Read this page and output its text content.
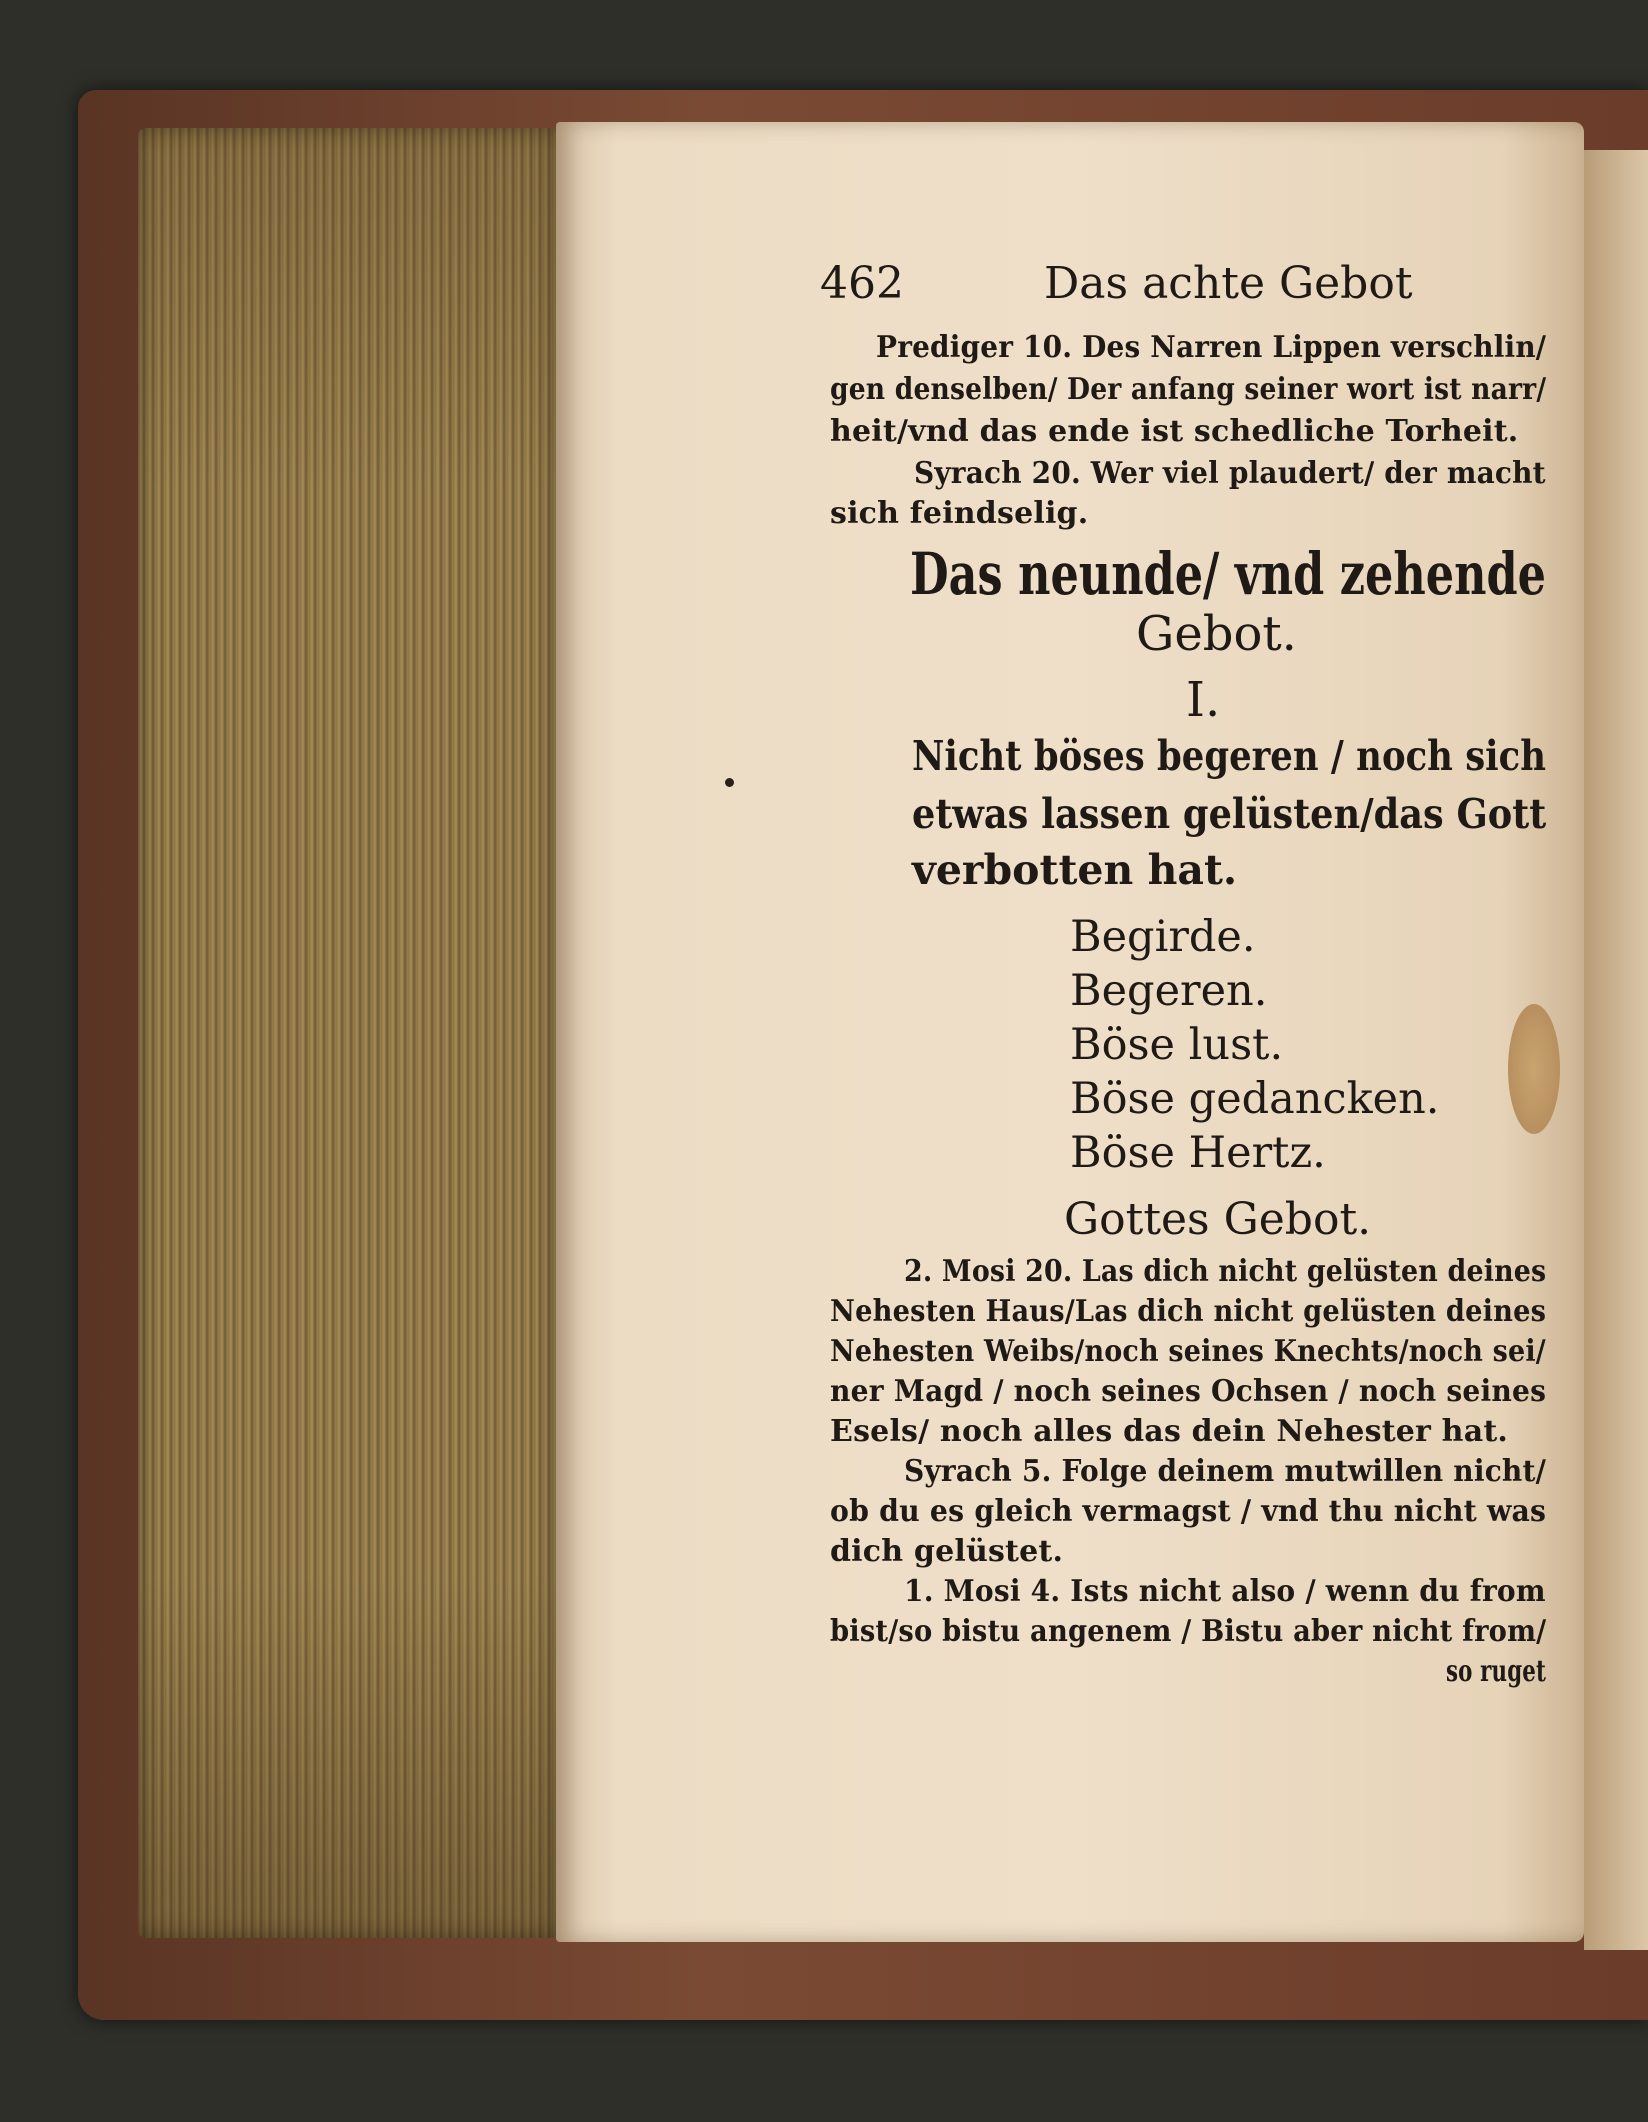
462	Das achte Gebot
Prediger 10. Des Narren Lippen verschlin/
gen denselben/ Der anfang seiner wort ist narr/
heit/vnd das ende ist schedliche Torheit.
Syrach 20. Wer viel plaudert/ der macht
sich feindselig.
Das neunde/ vnd zehende
Gebot.
I.
Nicht böses begeren / noch sich
etwas lassen gelüsten/das Gott
verbotten hat.
Begirde.
Begeren.
Böse lust.
Böse gedancken.
Böse Hertz.
Gottes Gebot.
2. Mosi 20. Las dich nicht gelüsten deines
Nehesten Haus/Las dich nicht gelüsten deines
Nehesten Weibs/noch seines Knechts/noch sei/
ner Magd / noch seines Ochsen / noch seines
Esels/ noch alles das dein Nehester hat.
Syrach 5. Folge deinem mutwillen nicht/
ob du es gleich vermagst / vnd thu nicht was
dich gelüstet.
1. Mosi 4. Ists nicht also / wenn du from
bist/so bistu angenem / Bistu aber nicht from/
so ruget
